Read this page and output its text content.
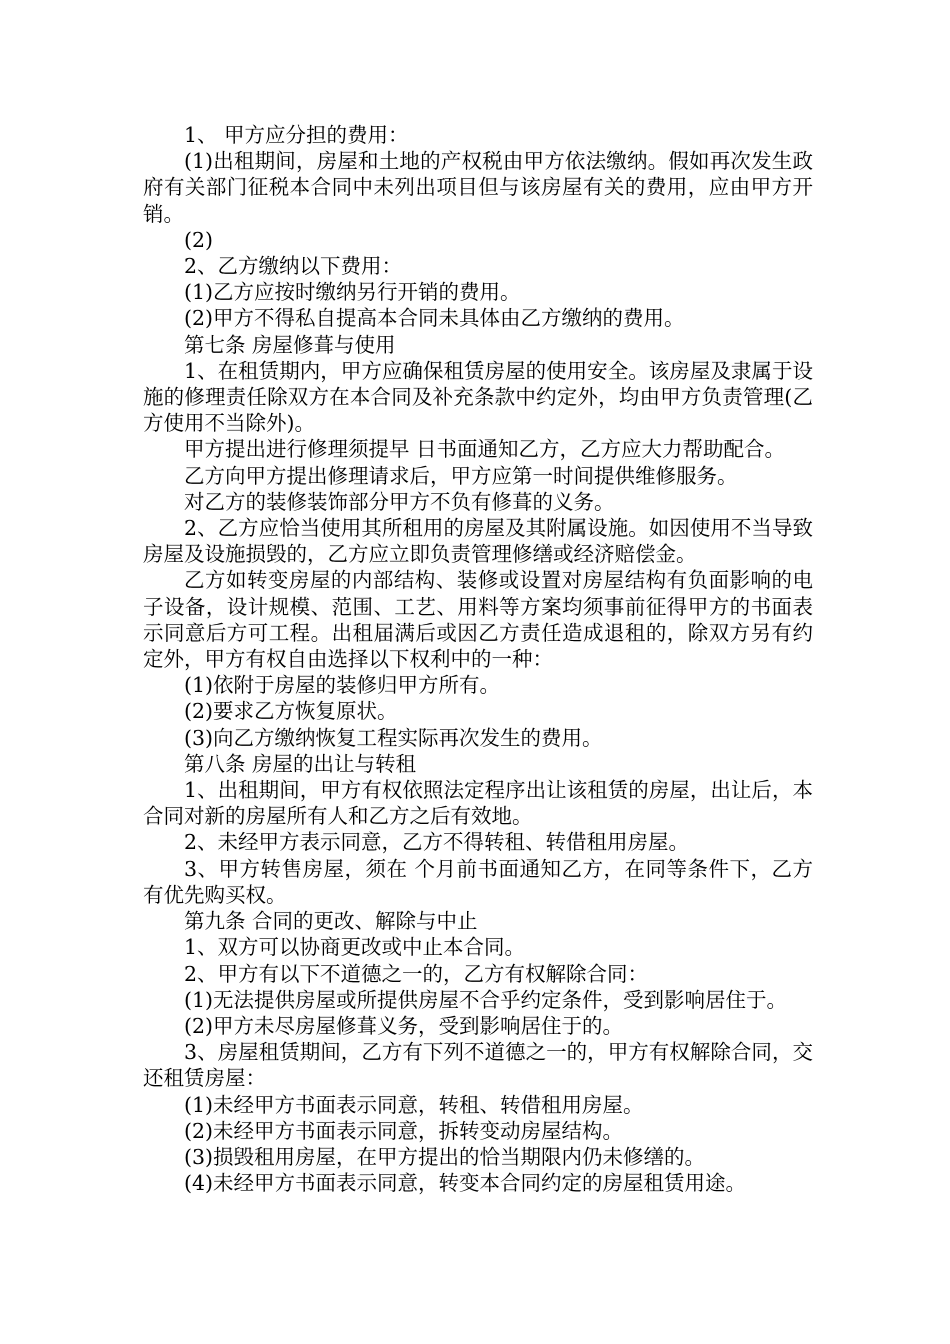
1、 甲方应分担的费用：

(1)出租期间，房屋和土地的产权税由甲方依法缴纳。假如再次发生政府有关部门征税本合同中未列出项目但与该房屋有关的费用，应由甲方开销。

(2)

2、乙方缴纳以下费用：

(1)乙方应按时缴纳另行开销的费用。

(2)甲方不得私自提高本合同未具体由乙方缴纳的费用。

第七条 房屋修葺与使用

1、在租赁期内，甲方应确保租赁房屋的使用安全。该房屋及隶属于设施的修理责任除双方在本合同及补充条款中约定外，均由甲方负责管理(乙方使用不当除外)。

甲方提出进行修理须提早 日书面通知乙方，乙方应大力帮助配合。

乙方向甲方提出修理请求后，甲方应第一时间提供维修服务。

对乙方的装修装饰部分甲方不负有修葺的义务。

2、乙方应恰当使用其所租用的房屋及其附属设施。如因使用不当导致房屋及设施损毁的，乙方应立即负责管理修缮或经济赔偿金。

乙方如转变房屋的内部结构、装修或设置对房屋结构有负面影响的电子设备，设计规模、范围、工艺、用料等方案均须事前征得甲方的书面表示同意后方可工程。出租届满后或因乙方责任造成退租的，除双方另有约定外，甲方有权自由选择以下权利中的一种：

(1)依附于房屋的装修归甲方所有。

(2)要求乙方恢复原状。

(3)向乙方缴纳恢复工程实际再次发生的费用。

第八条 房屋的出让与转租

1、出租期间，甲方有权依照法定程序出让该租赁的房屋，出让后，本合同对新的房屋所有人和乙方之后有效地。

2、未经甲方表示同意，乙方不得转租、转借租用房屋。

3、甲方转售房屋，须在 个月前书面通知乙方，在同等条件下，乙方有优先购买权。

第九条 合同的更改、解除与中止

1、双方可以协商更改或中止本合同。

2、甲方有以下不道德之一的，乙方有权解除合同：

(1)无法提供房屋或所提供房屋不合乎约定条件，受到影响居住于。

(2)甲方未尽房屋修葺义务，受到影响居住于的。

3、房屋租赁期间，乙方有下列不道德之一的，甲方有权解除合同，交还租赁房屋：

(1)未经甲方书面表示同意，转租、转借租用房屋。

(2)未经甲方书面表示同意，拆转变动房屋结构。

(3)损毁租用房屋，在甲方提出的恰当期限内仍未修缮的。

(4)未经甲方书面表示同意，转变本合同约定的房屋租赁用途。
